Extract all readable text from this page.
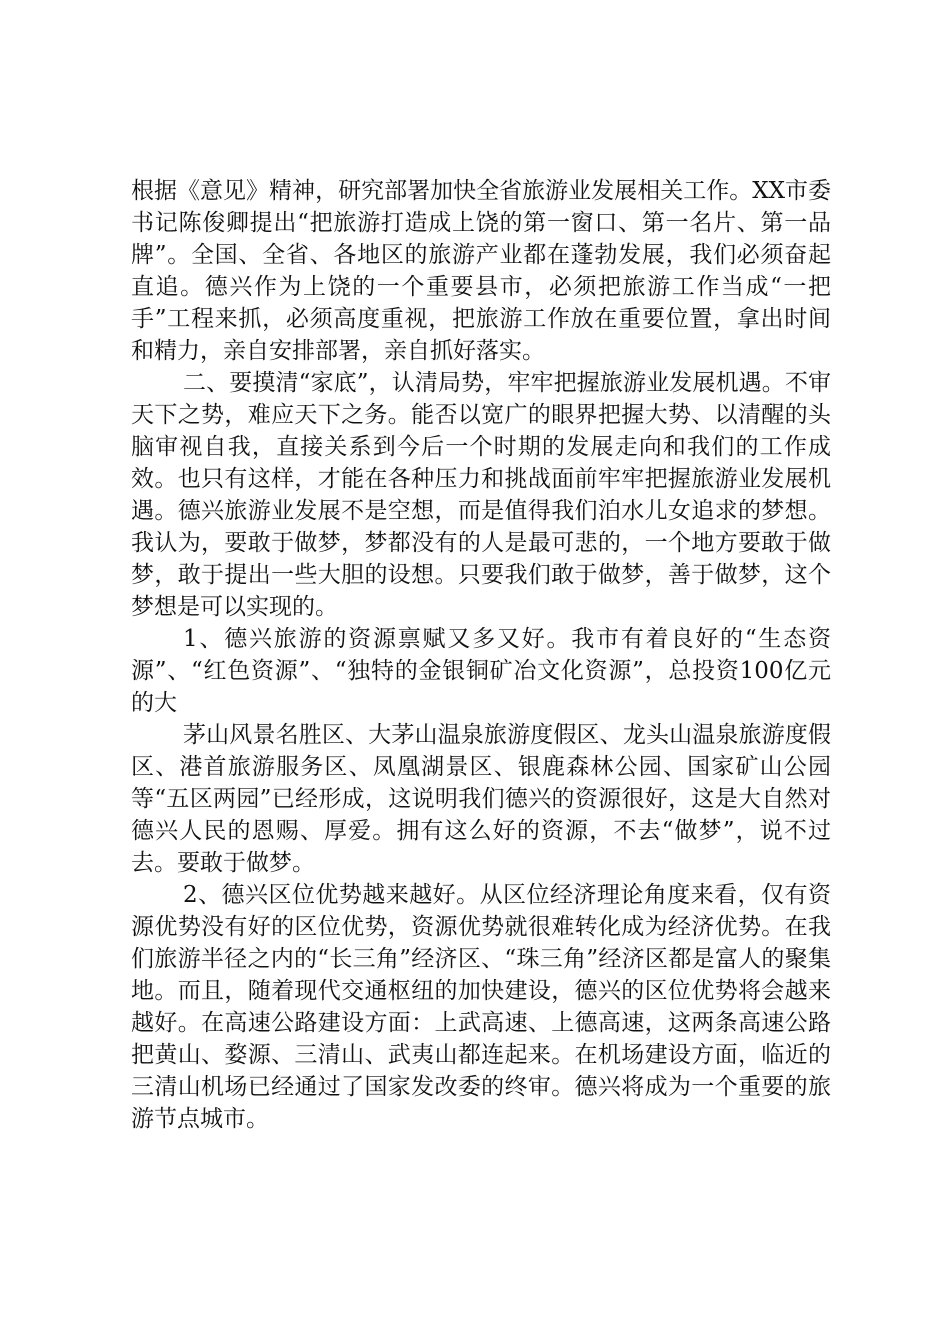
根据《意见》精神，研究部署加快全省旅游业发展相关工作。XX市委书记陈俊卿提出“把旅游打造成上饶的第一窗口、第一名片、第一品牌”。全国、全省、各地区的旅游产业都在蓬勃发展，我们必须奋起直追。德兴作为上饶的一个重要县市，必须把旅游工作当成“一把手”工程来抓，必须高度重视，把旅游工作放在重要位置，拿出时间和精力，亲自安排部署，亲自抓好落实。

二、要摸清“家底”，认清局势，牢牢把握旅游业发展机遇。不审天下之势，难应天下之务。能否以宽广的眼界把握大势、以清醒的头脑审视自我，直接关系到今后一个时期的发展走向和我们的工作成效。也只有这样，才能在各种压力和挑战面前牢牢把握旅游业发展机遇。德兴旅游业发展不是空想，而是值得我们泊水儿女追求的梦想。我认为，要敢于做梦，梦都没有的人是最可悲的，一个地方要敢于做梦，敢于提出一些大胆的设想。只要我们敢于做梦，善于做梦，这个梦想是可以实现的。

1、德兴旅游的资源禀赋又多又好。我市有着良好的“生态资源”、“红色资源”、“独特的金银铜矿冶文化资源”，总投资100亿元的大

茅山风景名胜区、大茅山温泉旅游度假区、龙头山温泉旅游度假区、港首旅游服务区、凤凰湖景区、银鹿森林公园、国家矿山公园等“五区两园”已经形成，这说明我们德兴的资源很好，这是大自然对德兴人民的恩赐、厚爱。拥有这么好的资源，不去“做梦”，说不过去。要敢于做梦。

2、德兴区位优势越来越好。从区位经济理论角度来看，仅有资源优势没有好的区位优势，资源优势就很难转化成为经济优势。在我们旅游半径之内的“长三角”经济区、“珠三角”经济区都是富人的聚集地。而且，随着现代交通枢纽的加快建设，德兴的区位优势将会越来越好。在高速公路建设方面：上武高速、上德高速，这两条高速公路把黄山、婺源、三清山、武夷山都连起来。在机场建设方面，临近的三清山机场已经通过了国家发改委的终审。德兴将成为一个重要的旅游节点城市。
